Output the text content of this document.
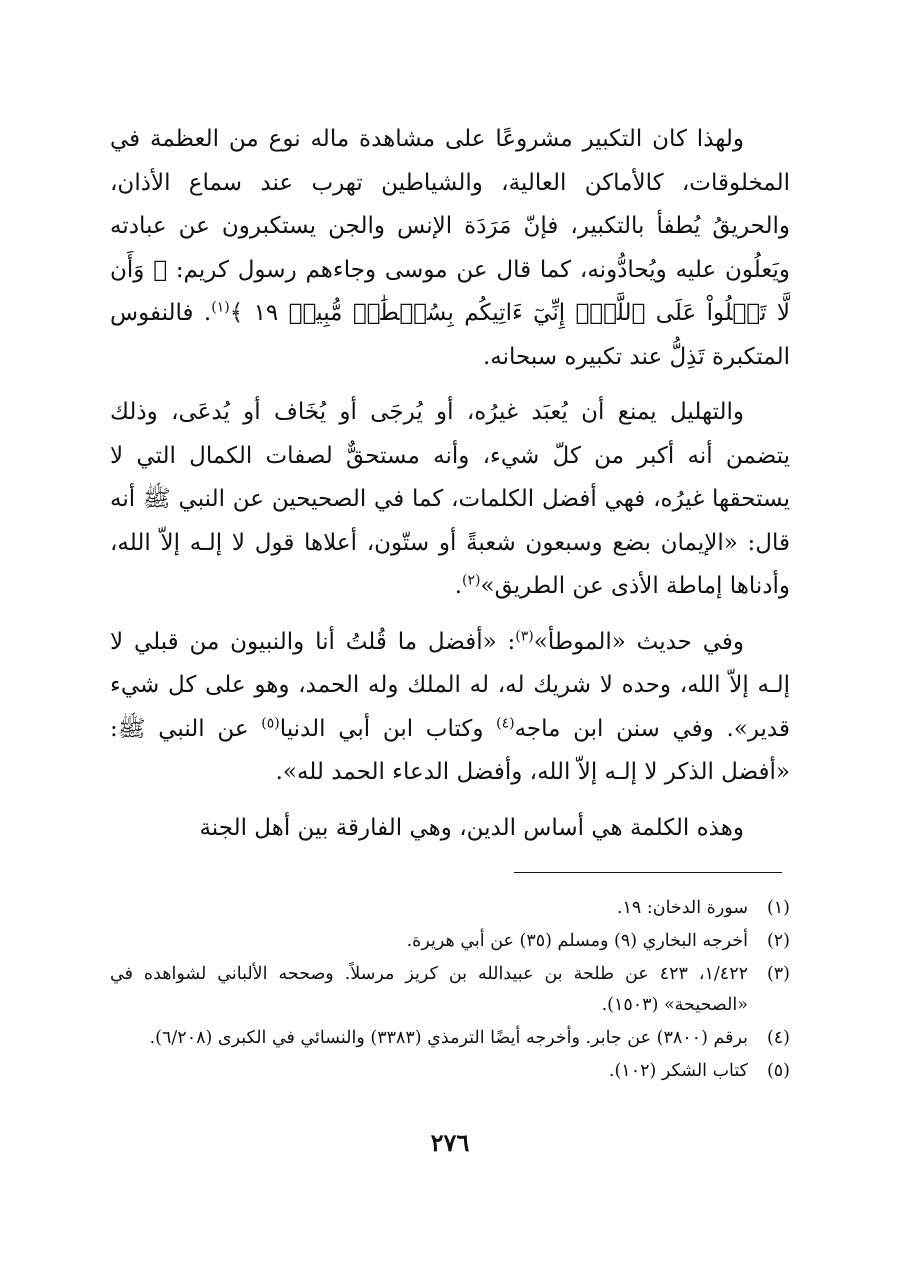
ولهذا كان التكبير مشروعًا على مشاهدة ماله نوع من العظمة في المخلوقات، كالأماكن العالية، والشياطين تهرب عند سماع الأذان، والحريقُ يُطفأ بالتكبير، فإنّ مَرَدَة الإنس والجن يستكبرون عن عبادته ويَعلُون عليه ويُحادُّونه، كما قال عن موسى وجاءهم رسول كريم: ﴿ وَأَن لَّا تَعۡلُواْ عَلَى ٱللَّهِۖ إِنِّيٓ ءَاتِيكُم بِسُلۡطَٰنٖ مُّبِينٖ ١٩ ﴾$^{(١)}$. فالنفوس المتكبرة تَذِلُّ عند تكبيره سبحانه.

والتهليل يمنع أن يُعبَد غيرُه، أو يُرجَى أو يُخَاف أو يُدعَى، وذلك يتضمن أنه أكبر من كلّ شيء، وأنه مستحقٌّ لصفات الكمال التي لا يستحقها غيرُه، فهي أفضل الكلمات، كما في الصحيحين عن النبي ﷺ أنه قال: «الإيمان بضع وسبعون شعبةً أو ستّون، أعلاها قول لا إلـه إلاّ الله، وأدناها إماطة الأذى عن الطريق»$^{(٢)}$.

وفي حديث «الموطأ»$^{(٣)}$: «أفضل ما قُلتُ أنا والنبيون من قبلي لا إلـه إلاّ الله، وحده لا شريك له، له الملك وله الحمد، وهو على كل شيء قدير». وفي سنن ابن ماجه$^{(٤)}$ وكتاب ابن أبي الدنيا$^{(٥)}$ عن النبي ﷺ: «أفضل الذكر لا إلـه إلاّ الله، وأفضل الدعاء الحمد لله».

وهذه الكلمة هي أساس الدين، وهي الفارقة بين أهل الجنة

(١)
سورة الدخان: ١٩.
(٢)
أخرجه البخاري (٩) ومسلم (٣٥) عن أبي هريرة.
(٣)
١/٤٢٢، ٤٢٣ عن طلحة بن عبيدالله بن كريز مرسلاً. وصححه الألباني لشواهده في «الصحيحة» (١٥٠٣).
(٤)
برقم (٣٨٠٠) عن جابر. وأخرجه أيضًا الترمذي (٣٣٨٣) والنسائي في الكبرى (٦/٢٠٨).
(٥)
كتاب الشكر (١٠٢).
٢٧٦
